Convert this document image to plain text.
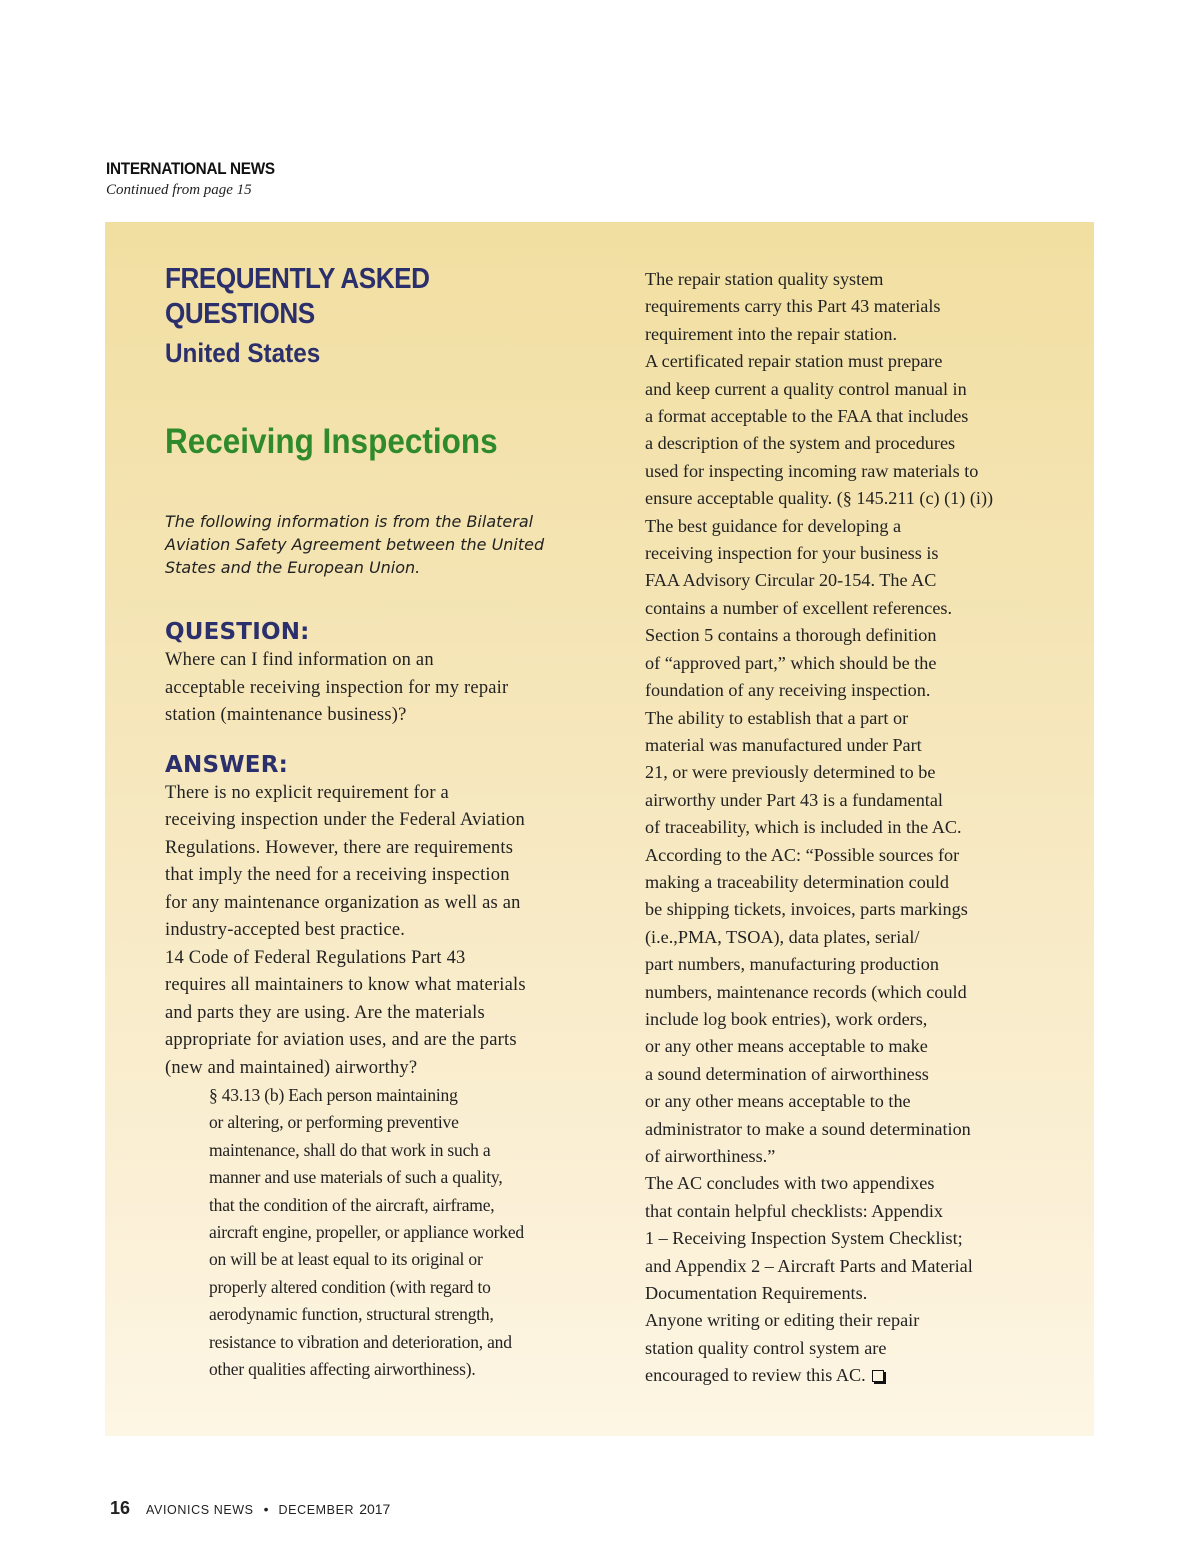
INTERNATIONAL NEWS
Continued from page 15
FREQUENTLY ASKED
QUESTIONS
United States
Receiving Inspections

The following information is from the Bilateral
Aviation Safety Agreement between the United
States and the European Union.

QUESTION:

Where can I find information on an
acceptable receiving inspection for my repair
station (maintenance business)?

ANSWER:

There is no explicit requirement for a
receiving inspection under the Federal Aviation
Regulations. However, there are requirements
that imply the need for a receiving inspection
for any maintenance organization as well as an
industry-accepted best practice.

14 Code of Federal Regulations Part 43
requires all maintainers to know what materials
and parts they are using. Are the materials
appropriate for aviation uses, and are the parts
(new and maintained) airworthy?

§ 43.13 (b) Each person maintaining
or altering, or performing preventive
maintenance, shall do that work in such a
manner and use materials of such a quality,
that the condition of the aircraft, airframe,
aircraft engine, propeller, or appliance worked
on will be at least equal to its original or
properly altered condition (with regard to
aerodynamic function, structural strength,
resistance to vibration and deterioration, and
other qualities affecting airworthiness).

The repair station quality system
requirements carry this Part 43 materials
requirement into the repair station.

A certificated repair station must prepare
and keep current a quality control manual in
a format acceptable to the FAA that includes
a description of the system and procedures
used for inspecting incoming raw materials to
ensure acceptable quality. (§ 145.211 (c) (1) (i))

The best guidance for developing a
receiving inspection for your business is
FAA Advisory Circular 20-154. The AC
contains a number of excellent references.
Section 5 contains a thorough definition
of “approved part,” which should be the
foundation of any receiving inspection.

The ability to establish that a part or
material was manufactured under Part
21, or were previously determined to be
airworthy under Part 43 is a fundamental
of traceability, which is included in the AC.
According to the AC: “Possible sources for
making a traceability determination could
be shipping tickets, invoices, parts markings
(i.e.,PMA, TSOA), data plates, serial/
part numbers, manufacturing production
numbers, maintenance records (which could
include log book entries), work orders,
or any other means acceptable to make
a sound determination of airworthiness
or any other means acceptable to the
administrator to make a sound determination
of airworthiness.”

The AC concludes with two appendixes
that contain helpful checklists: Appendix
1 – Receiving Inspection System Checklist;
and Appendix 2 – Aircraft Parts and Material
Documentation Requirements.

Anyone writing or editing their repair
station quality control system are
encouraged to review this AC.

16 AVIONICS NEWS • DECEMBER 2017
